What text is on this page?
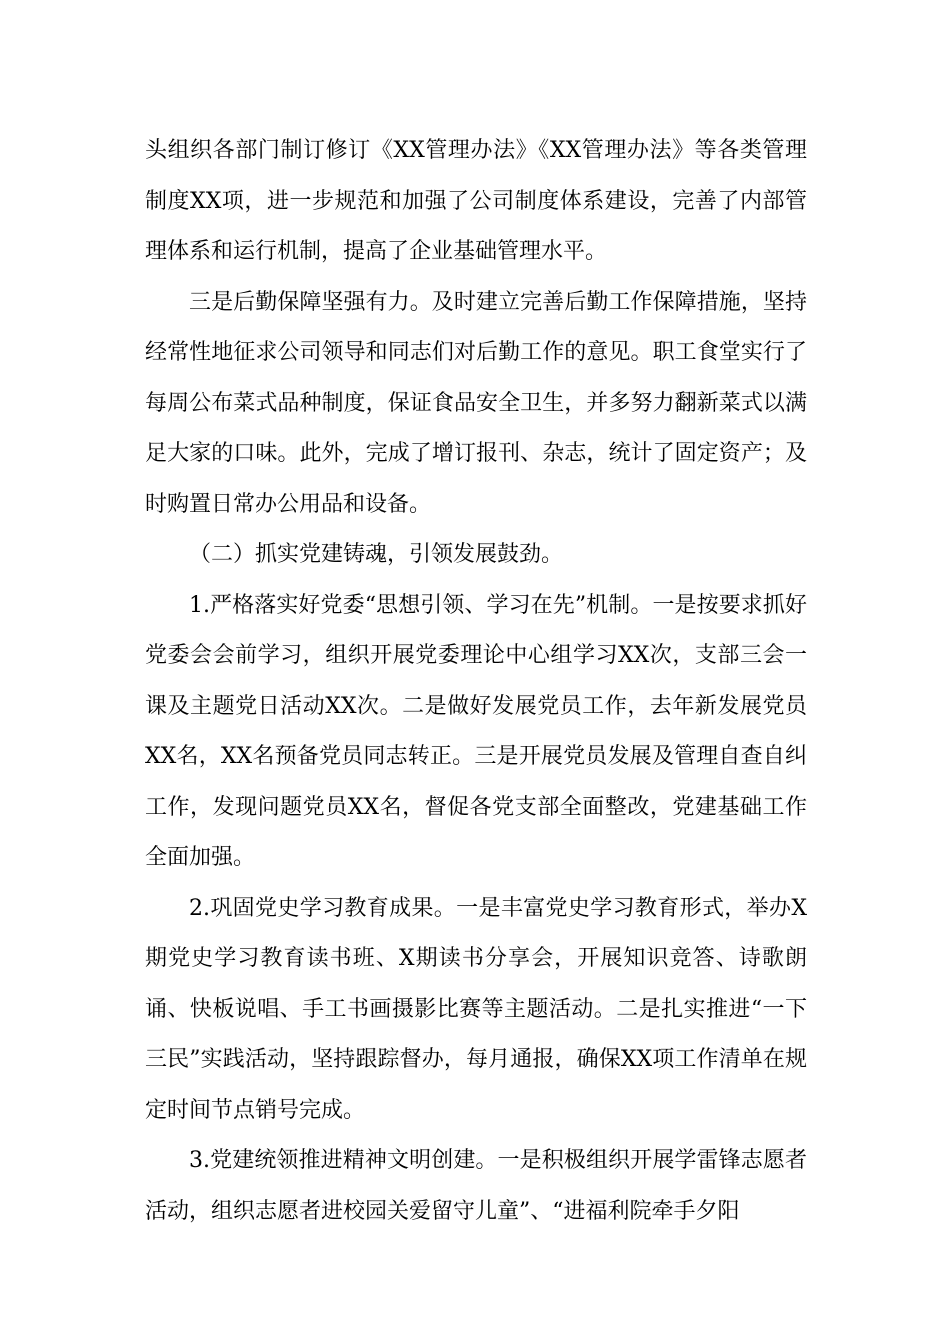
头组织各部门制订修订《XX管理办法》《XX管理办法》等各类管理制度XX项，进一步规范和加强了公司制度体系建设，完善了内部管理体系和运行机制，提高了企业基础管理水平。

三是后勤保障坚强有力。及时建立完善后勤工作保障措施，坚持经常性地征求公司领导和同志们对后勤工作的意见。职工食堂实行了每周公布菜式品种制度，保证食品安全卫生，并多努力翻新菜式以满足大家的口味。此外，完成了增订报刊、杂志，统计了固定资产；及时购置日常办公用品和设备。

（二）抓实党建铸魂，引领发展鼓劲。

1.严格落实好党委“思想引领、学习在先”机制。一是按要求抓好党委会会前学习，组织开展党委理论中心组学习XX次，支部三会一课及主题党日活动XX次。二是做好发展党员工作，去年新发展党员XX名，XX名预备党员同志转正。三是开展党员发展及管理自查自纠工作，发现问题党员XX名，督促各党支部全面整改，党建基础工作全面加强。

2.巩固党史学习教育成果。一是丰富党史学习教育形式，举办X期党史学习教育读书班、X期读书分享会，开展知识竞答、诗歌朗诵、快板说唱、手工书画摄影比赛等主题活动。二是扎实推进“一下三民”实践活动，坚持跟踪督办，每月通报，确保XX项工作清单在规定时间节点销号完成。

3.党建统领推进精神文明创建。一是积极组织开展学雷锋志愿者活动，组织志愿者进校园关爱留守儿童”、“进福利院牵手夕阳
